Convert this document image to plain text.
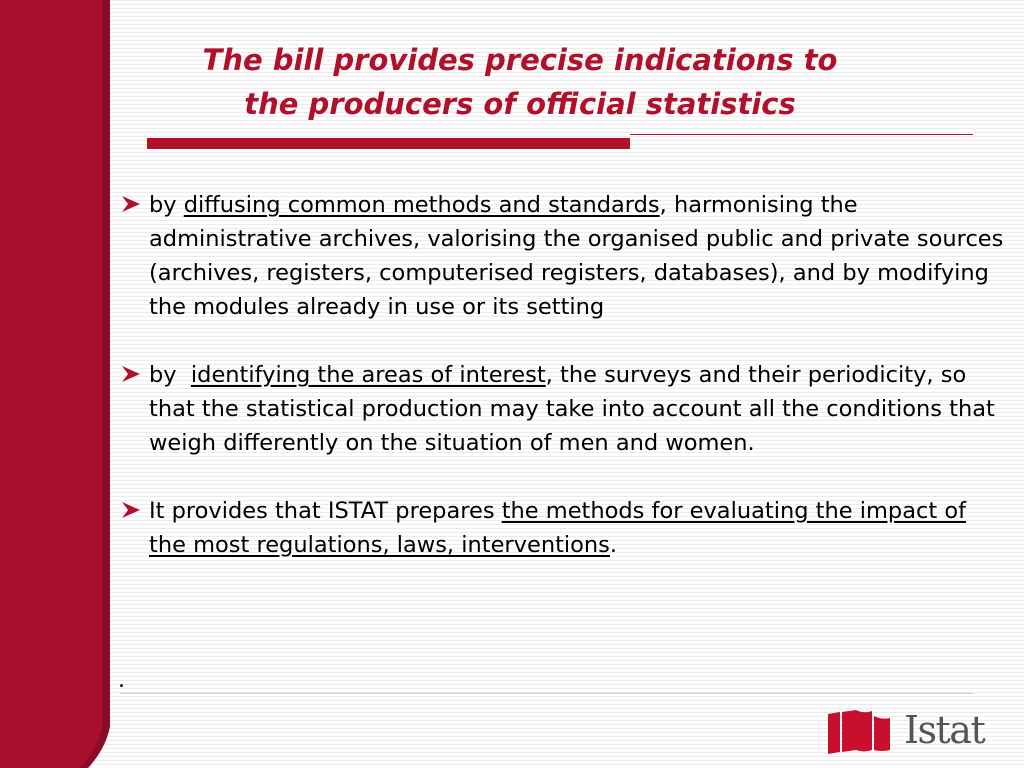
The bill provides precise indications to
the producers of official statistics
by diffusing common methods and standards, harmonising the administrative archives, valorising the organised public and private sources (archives, registers, computerised registers, databases), and by modifying the modules already in use or its setting
by  identifying the areas of interest, the surveys and their periodicity, so that the statistical production may take into account all the conditions that weigh differently on the situation of men and women.
It provides that ISTAT prepares the methods for evaluating the impact of the most regulations, laws, interventions.
.
Istat
